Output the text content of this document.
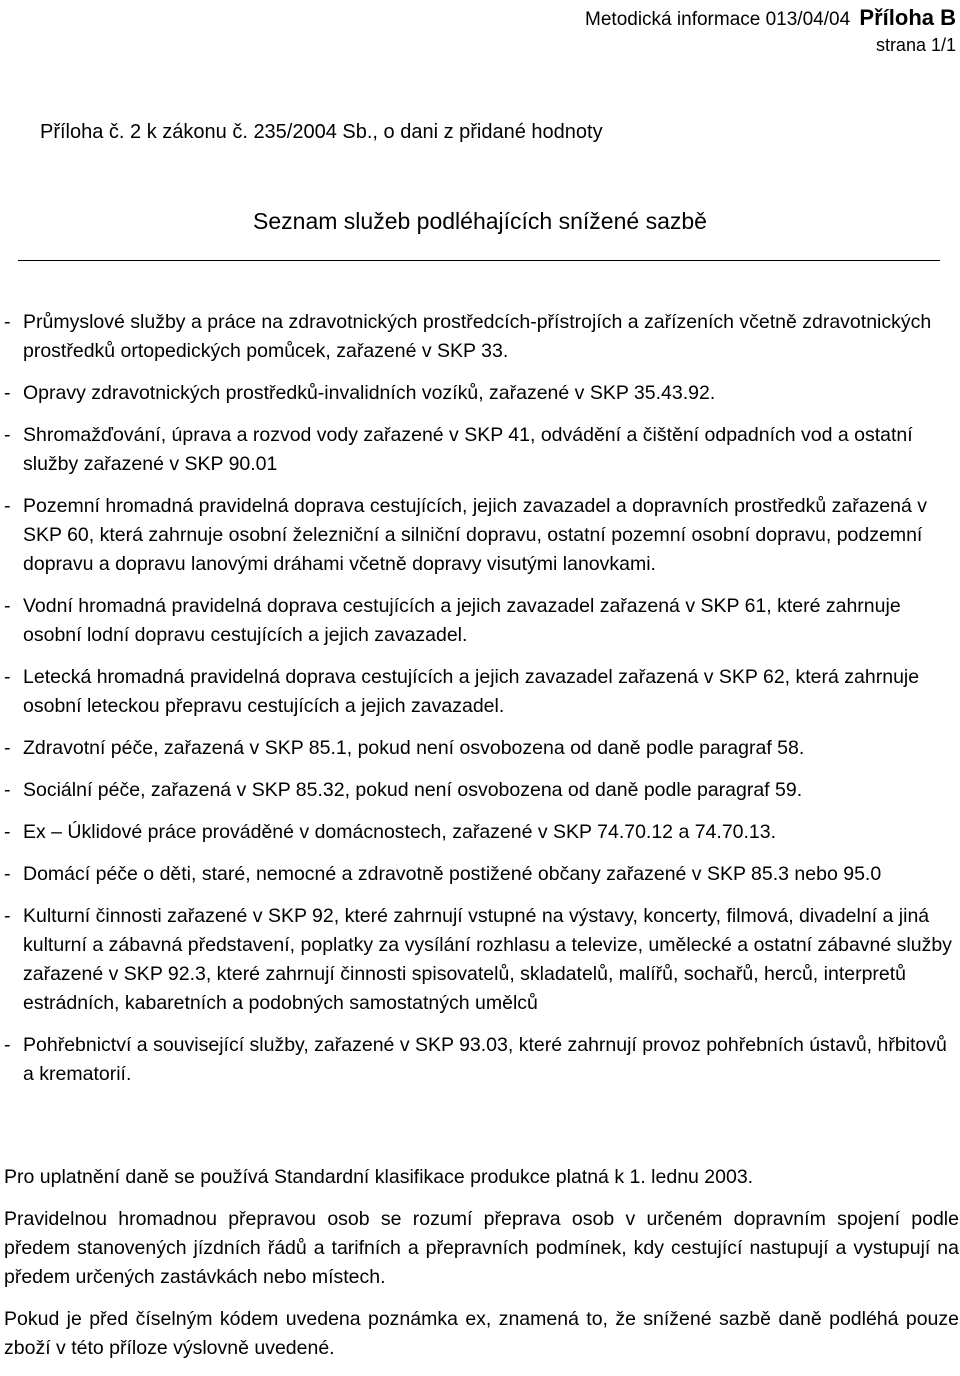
Metodická informace 013/04/04 Příloha B
strana 1/1
Příloha č. 2 k zákonu č. 235/2004 Sb., o dani z přidané hodnoty
Seznam služeb podléhajících snížené sazbě
- Průmyslové služby a práce na zdravotnických prostředcích-přístrojích a zařízeních včetně zdravotnických prostředků ortopedických pomůcek, zařazené v SKP 33.
- Opravy zdravotnických prostředků-invalidních vozíků, zařazené v SKP 35.43.92.
- Shromažďování, úprava a rozvod vody zařazené v SKP 41, odvádění a čištění odpadních vod a ostatní služby zařazené v SKP 90.01
- Pozemní hromadná pravidelná doprava cestujících, jejich zavazadel a dopravních prostředků zařazená v SKP 60, která zahrnuje osobní železniční a silniční dopravu, ostatní pozemní osobní dopravu, podzemní dopravu a dopravu lanovými dráhami včetně dopravy visutými lanovkami.
- Vodní hromadná pravidelná doprava cestujících a jejich zavazadel zařazená v SKP 61, které zahrnuje osobní lodní dopravu cestujících a jejich zavazadel.
- Letecká hromadná pravidelná doprava cestujících a jejich zavazadel zařazená v SKP 62, která zahrnuje osobní leteckou přepravu cestujících a jejich zavazadel.
- Zdravotní péče, zařazená v SKP 85.1, pokud není osvobozena od daně podle paragraf 58.
- Sociální péče, zařazená v SKP 85.32, pokud není osvobozena od daně podle paragraf 59.
- Ex – Úklidové práce prováděné v domácnostech, zařazené v SKP 74.70.12 a 74.70.13.
- Domácí péče o děti, staré, nemocné a zdravotně postižené občany zařazené v SKP 85.3 nebo 95.0
- Kulturní činnosti zařazené v SKP 92, které zahrnují vstupné na výstavy, koncerty, filmová, divadelní a jiná kulturní a zábavná představení, poplatky za vysílání rozhlasu a televize, umělecké a ostatní zábavné služby zařazené v SKP 92.3, které zahrnují činnosti spisovatelů, skladatelů, malířů, sochařů, herců, interpretů estrádních, kabaretních a podobných samostatných umělců
- Pohřebnictví a související služby, zařazené v SKP 93.03, které zahrnují provoz pohřebních ústavů, hřbitovů a krematorií.

Pro uplatnění daně se používá Standardní klasifikace produkce platná k 1. lednu 2003.

Pravidelnou hromadnou přepravou osob se rozumí přeprava osob v určeném dopravním spojení podle předem stanovených jízdních řádů a tarifních a přepravních podmínek, kdy cestující nastupují a vystupují na předem určených zastávkách nebo místech.

Pokud je před číselným kódem uvedena poznámka ex, znamená to, že snížené sazbě daně podléhá pouze zboží v této příloze výslovně uvedené.
